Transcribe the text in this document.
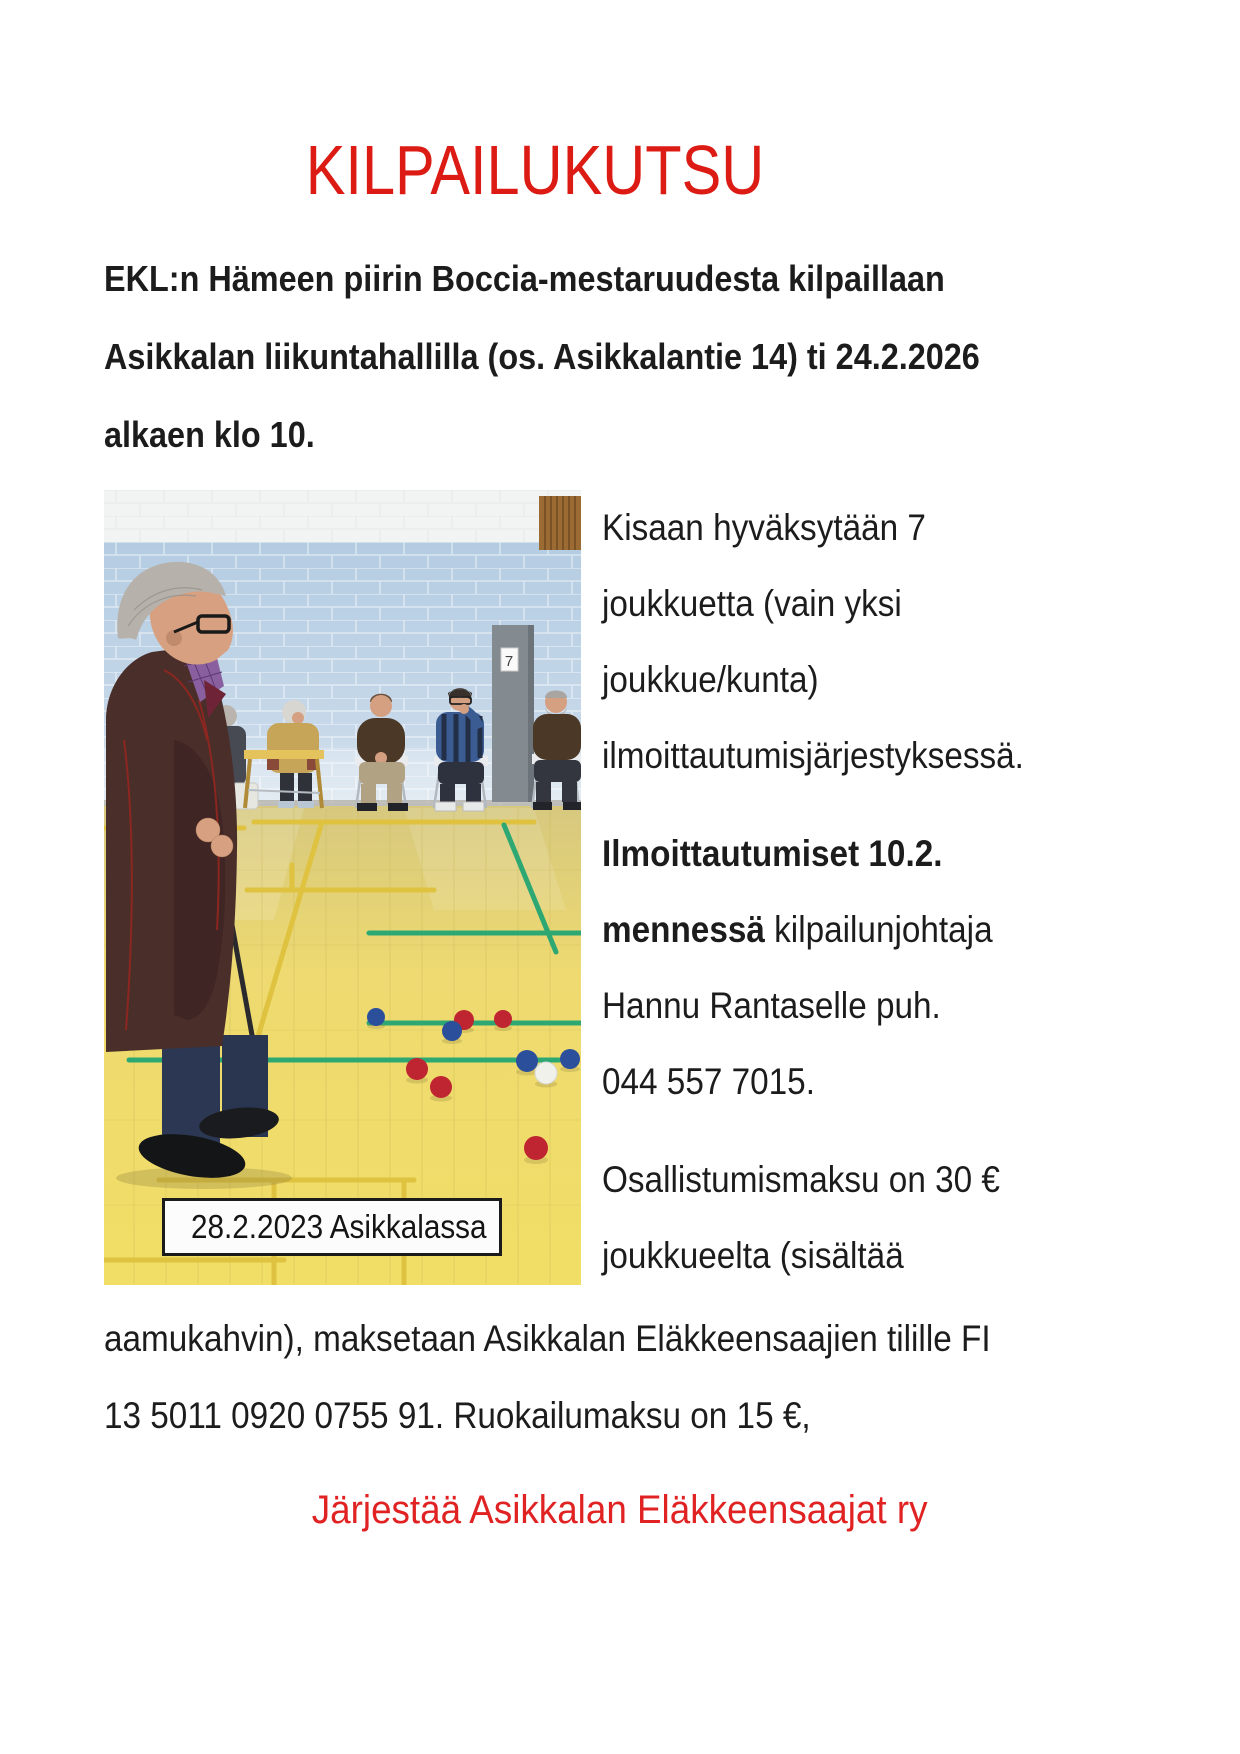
KILPAILUKUTSU
EKL:n Hämeen piirin Boccia-mestaruudesta kilpaillaan
Asikkalan liikuntahallilla (os. Asikkalantie 14) ti 24.2.2026
alkaen klo 10.
7
28.2.2023 Asikkalassa
Kisaan hyväksytään 7
joukkuetta (vain yksi
joukkue/kunta)
ilmoittautumisjärjestyksessä.
Ilmoittautumiset 10.2.
mennessä kilpailunjohtaja
Hannu Rantaselle puh.
044 557 7015.
Osallistumismaksu on 30 €
joukkueelta (sisältää
aamukahvin), maksetaan Asikkalan Eläkkeensaajien tilille FI
13 5011 0920 0755 91. Ruokailumaksu on 15 €,
Järjestää Asikkalan Eläkkeensaajat ry
